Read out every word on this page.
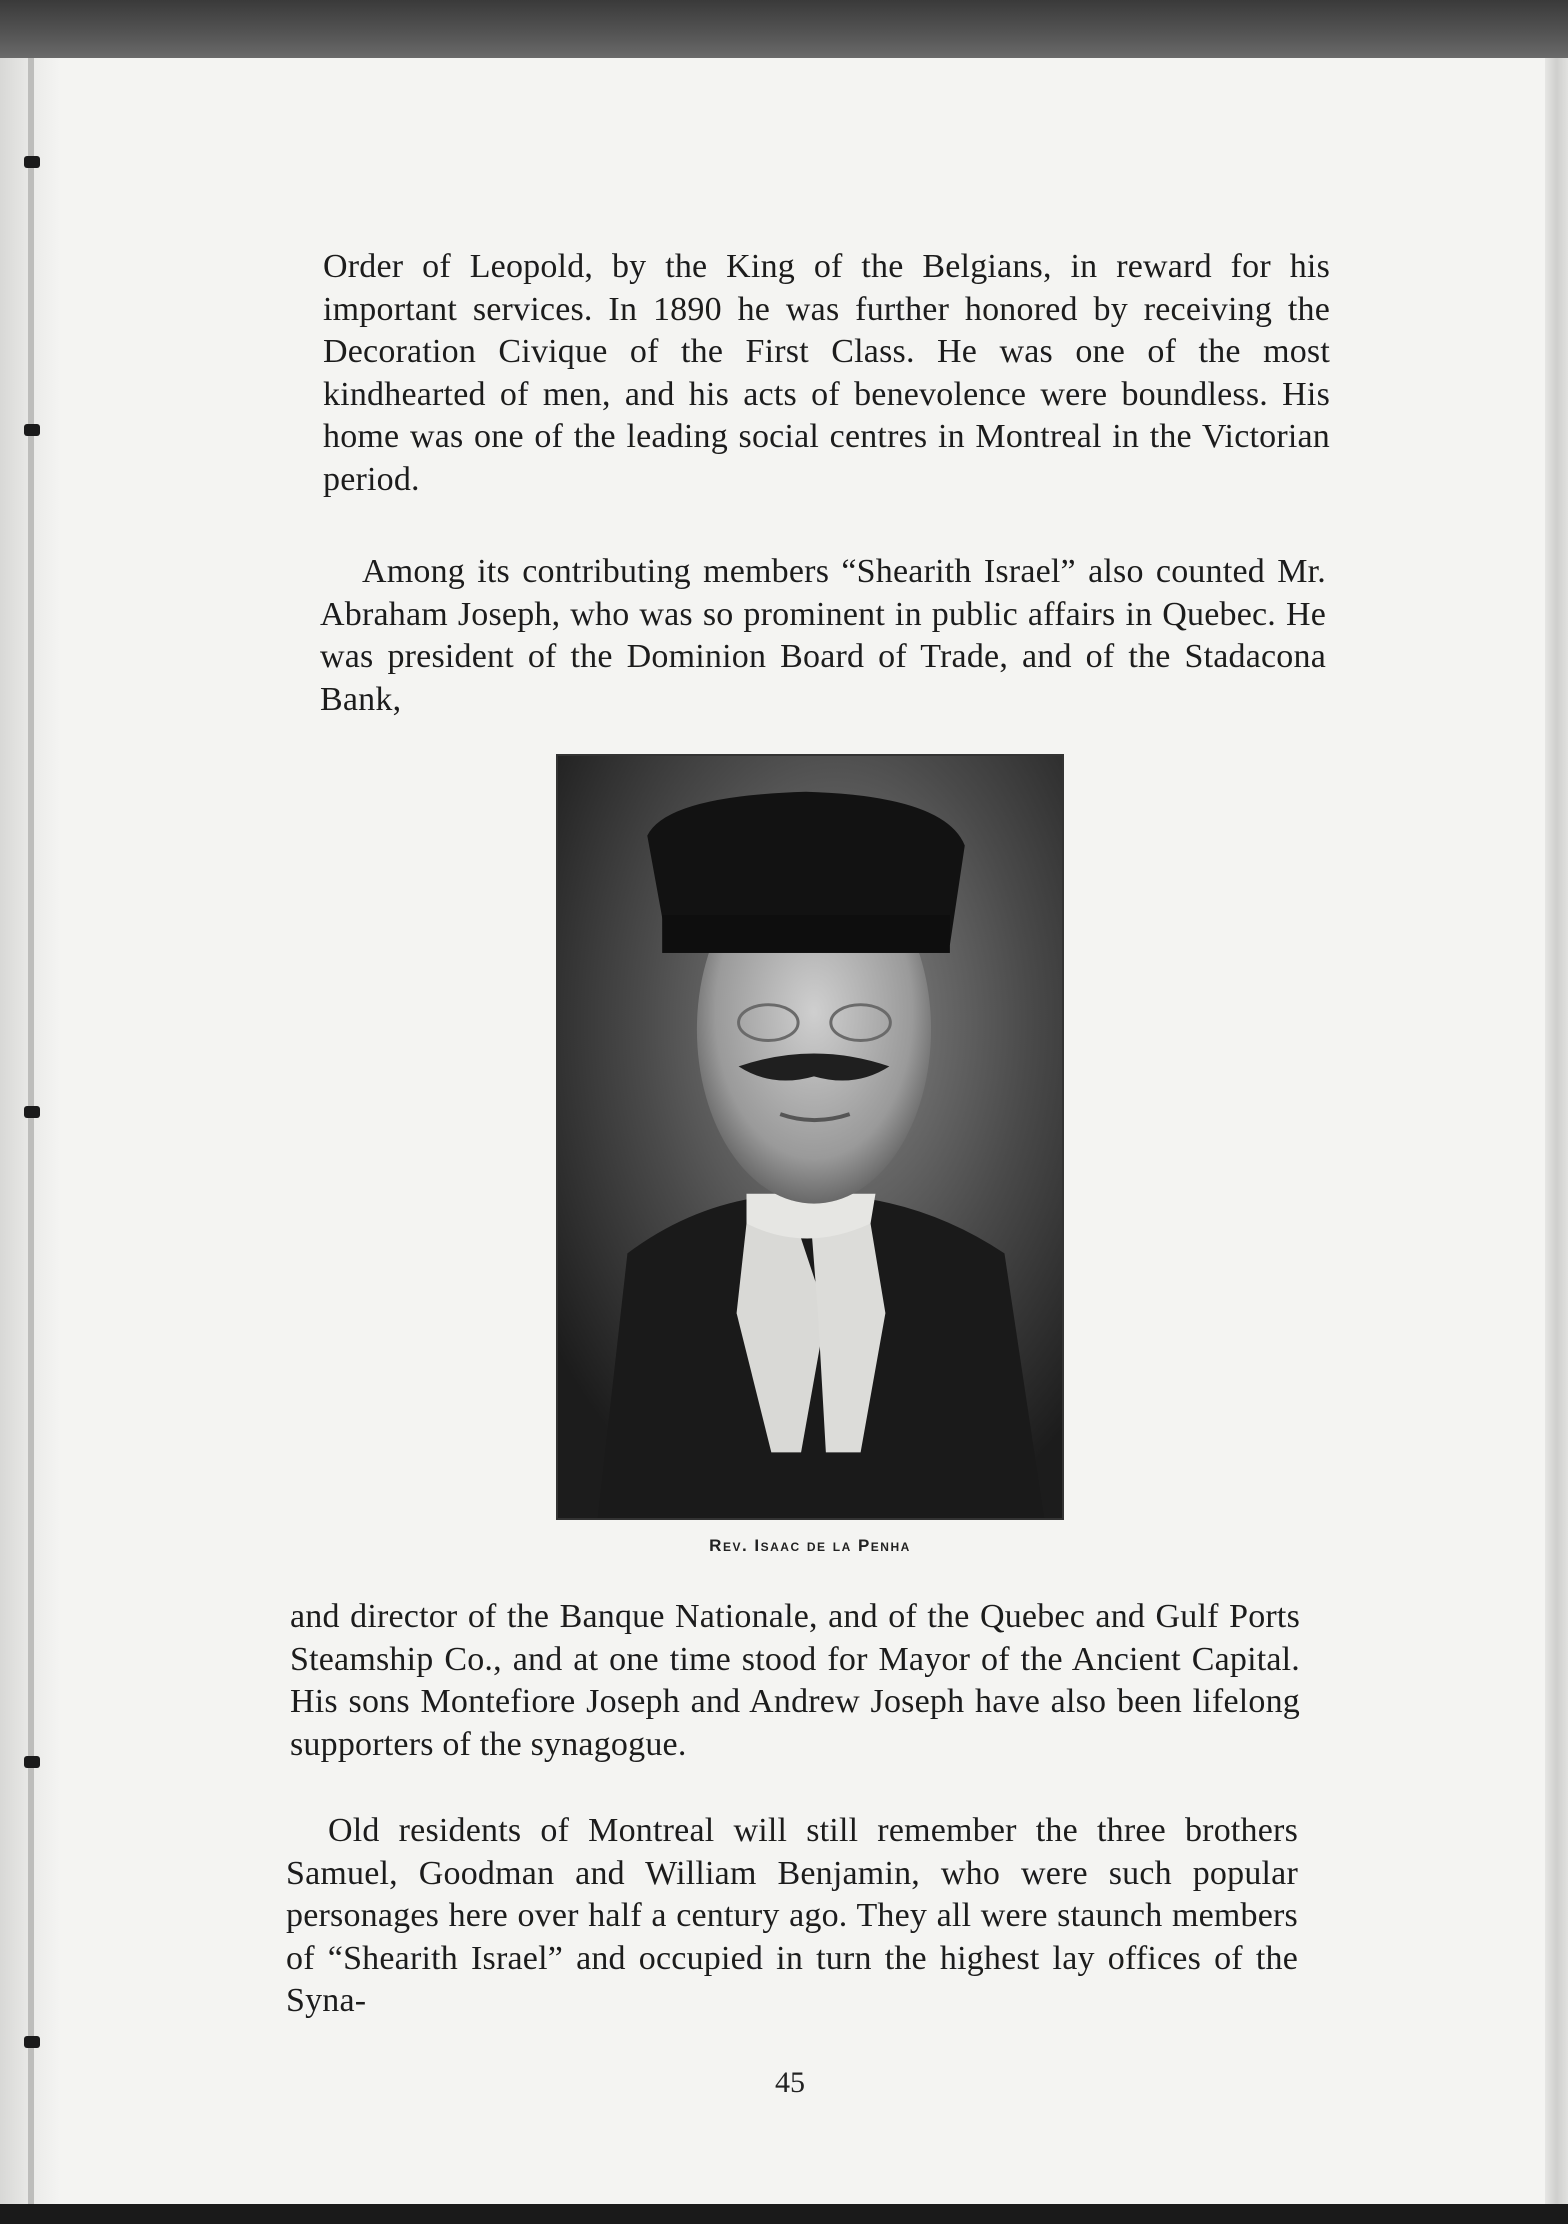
Order of Leopold, by the King of the Belgians, in reward for his important services. In 1890 he was further honored by receiving the Decoration Civique of the First Class. He was one of the most kindhearted of men, and his acts of benevolence were boundless. His home was one of the leading social centres in Montreal in the Victorian period.

Among its contributing members “Shearith Israel” also counted Mr. Abraham Joseph, who was so prominent in public affairs in Quebec. He was president of the Dominion Board of Trade, and of the Stadacona Bank,

Rev. Isaac de la Penha

and director of the Banque Nationale, and of the Quebec and Gulf Ports Steamship Co., and at one time stood for Mayor of the Ancient Capital. His sons Montefiore Joseph and Andrew Joseph have also been lifelong supporters of the synagogue.

Old residents of Montreal will still remember the three brothers Samuel, Goodman and William Benjamin, who were such popular personages here over half a century ago. They all were staunch members of “Shearith Israel” and occupied in turn the highest lay offices of the Syna-

45
